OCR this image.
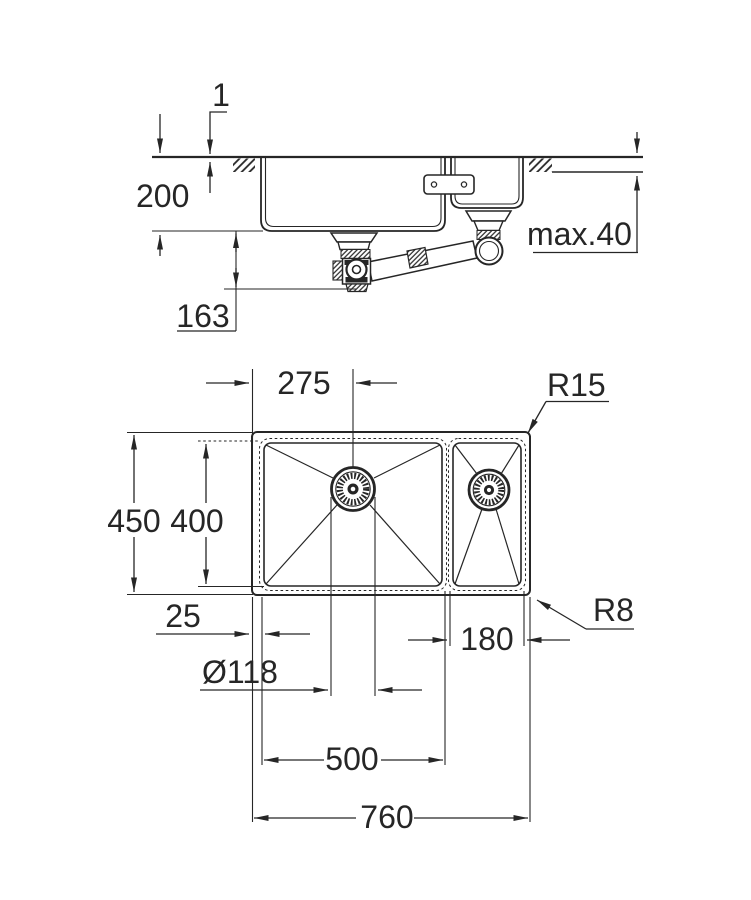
1
200
163
max.40
275	R15
450 400
25
180
Ø118
500
760
R8
